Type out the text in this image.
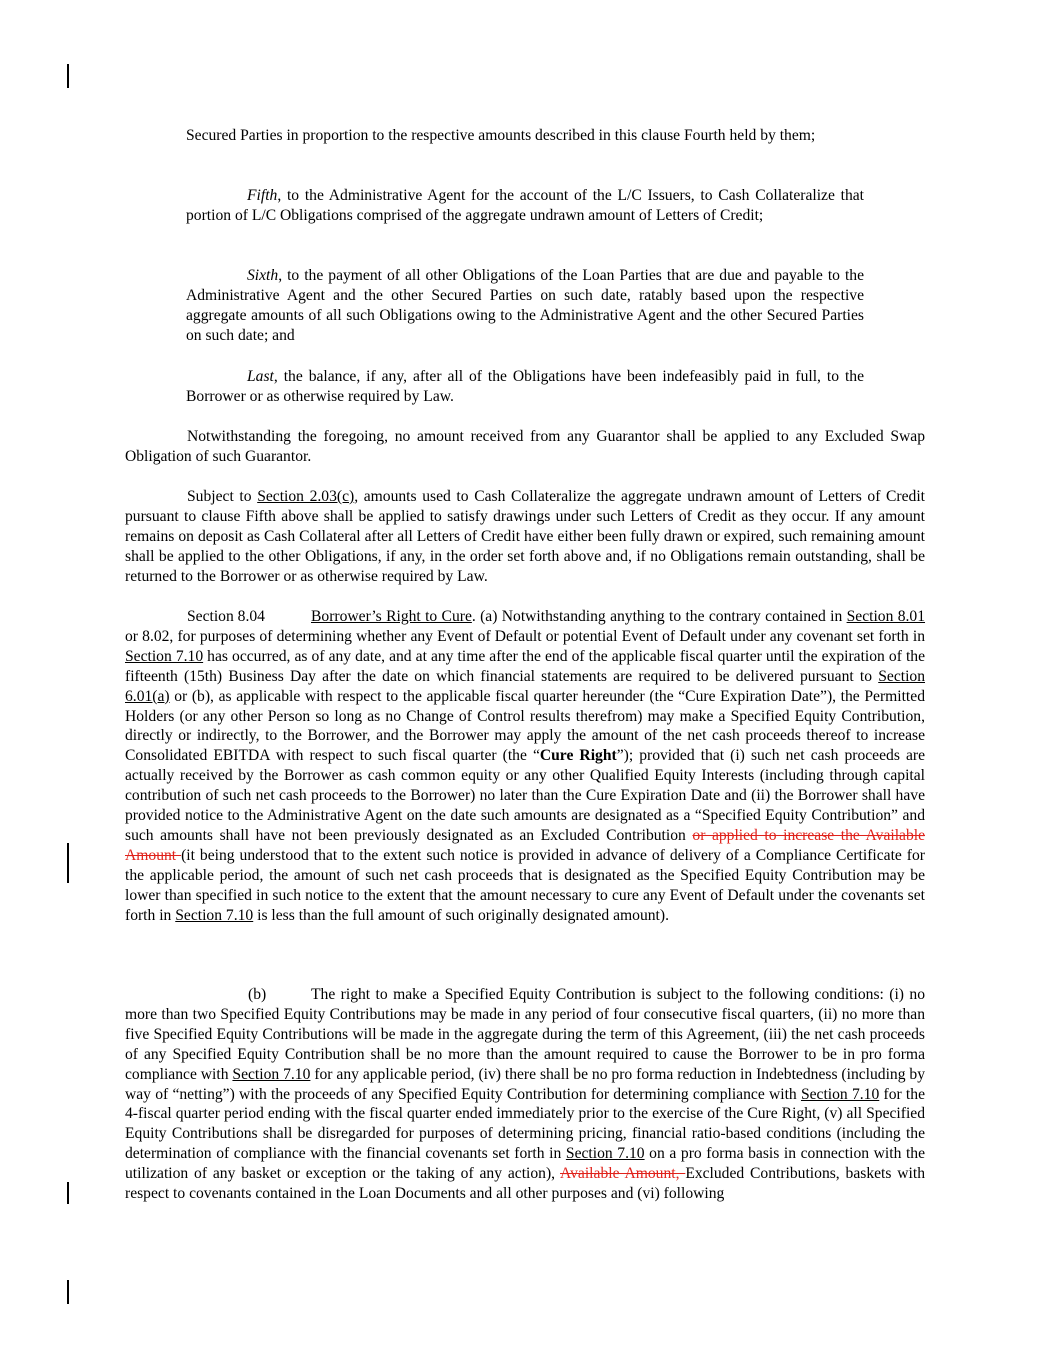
Secured Parties in proportion to the respective amounts described in this clause Fourth held by them;

Fifth, to the Administrative Agent for the account of the L/C Issuers, to Cash Collateralize that portion of L/C Obligations comprised of the aggregate undrawn amount of Letters of Credit;

Sixth, to the payment of all other Obligations of the Loan Parties that are due and payable to the Administrative Agent and the other Secured Parties on such date, ratably based upon the respective aggregate amounts of all such Obligations owing to the Administrative Agent and the other Secured Parties on such date; and

Last, the balance, if any, after all of the Obligations have been indefeasibly paid in full, to the Borrower or as otherwise required by Law.

Notwithstanding the foregoing, no amount received from any Guarantor shall be applied to any Excluded Swap Obligation of such Guarantor.

Subject to Section 2.03(c), amounts used to Cash Collateralize the aggregate undrawn amount of Letters of Credit pursuant to clause Fifth above shall be applied to satisfy drawings under such Letters of Credit as they occur. If any amount remains on deposit as Cash Collateral after all Letters of Credit have either been fully drawn or expired, such remaining amount shall be applied to the other Obligations, if any, in the order set forth above and, if no Obligations remain outstanding, shall be returned to the Borrower or as otherwise required by Law.

Section 8.04	Borrower’s Right to Cure. (a) Notwithstanding anything to the contrary contained in Section 8.01 or 8.02, for purposes of determining whether any Event of Default or potential Event of Default under any covenant set forth in Section 7.10 has occurred, as of any date, and at any time after the end of the applicable fiscal quarter until the expiration of the fifteenth (15th) Business Day after the date on which financial statements are required to be delivered pursuant to Section 6.01(a) or (b), as applicable with respect to the applicable fiscal quarter hereunder (the “Cure Expiration Date”), the Permitted Holders (or any other Person so long as no Change of Control results therefrom) may make a Specified Equity Contribution, directly or indirectly, to the Borrower, and the Borrower may apply the amount of the net cash proceeds thereof to increase Consolidated EBITDA with respect to such fiscal quarter (the “Cure Right”); provided that (i) such net cash proceeds are actually received by the Borrower as cash common equity or any other Qualified Equity Interests (including through capital contribution of such net cash proceeds to the Borrower) no later than the Cure Expiration Date and (ii) the Borrower shall have provided notice to the Administrative Agent on the date such amounts are designated as a “Specified Equity Contribution” and such amounts shall have not been previously designated as an Excluded Contribution or applied to increase the Available Amount (it being understood that to the extent such notice is provided in advance of delivery of a Compliance Certificate for the applicable period, the amount of such net cash proceeds that is designated as the Specified Equity Contribution may be lower than specified in such notice to the extent that the amount necessary to cure any Event of Default under the covenants set forth in Section 7.10 is less than the full amount of such originally designated amount).

(b)	The right to make a Specified Equity Contribution is subject to the following conditions: (i) no more than two Specified Equity Contributions may be made in any period of four consecutive fiscal quarters, (ii) no more than five Specified Equity Contributions will be made in the aggregate during the term of this Agreement, (iii) the net cash proceeds of any Specified Equity Contribution shall be no more than the amount required to cause the Borrower to be in pro forma compliance with Section 7.10 for any applicable period, (iv) there shall be no pro forma reduction in Indebtedness (including by way of “netting”) with the proceeds of any Specified Equity Contribution for determining compliance with Section 7.10 for the 4-fiscal quarter period ending with the fiscal quarter ended immediately prior to the exercise of the Cure Right, (v) all Specified Equity Contributions shall be disregarded for purposes of determining pricing, financial ratio-based conditions (including the determination of compliance with the financial covenants set forth in Section 7.10 on a pro forma basis in connection with the utilization of any basket or exception or the taking of any action), Available Amount, Excluded Contributions, baskets with respect to covenants contained in the Loan Documents and all other purposes and (vi) following
